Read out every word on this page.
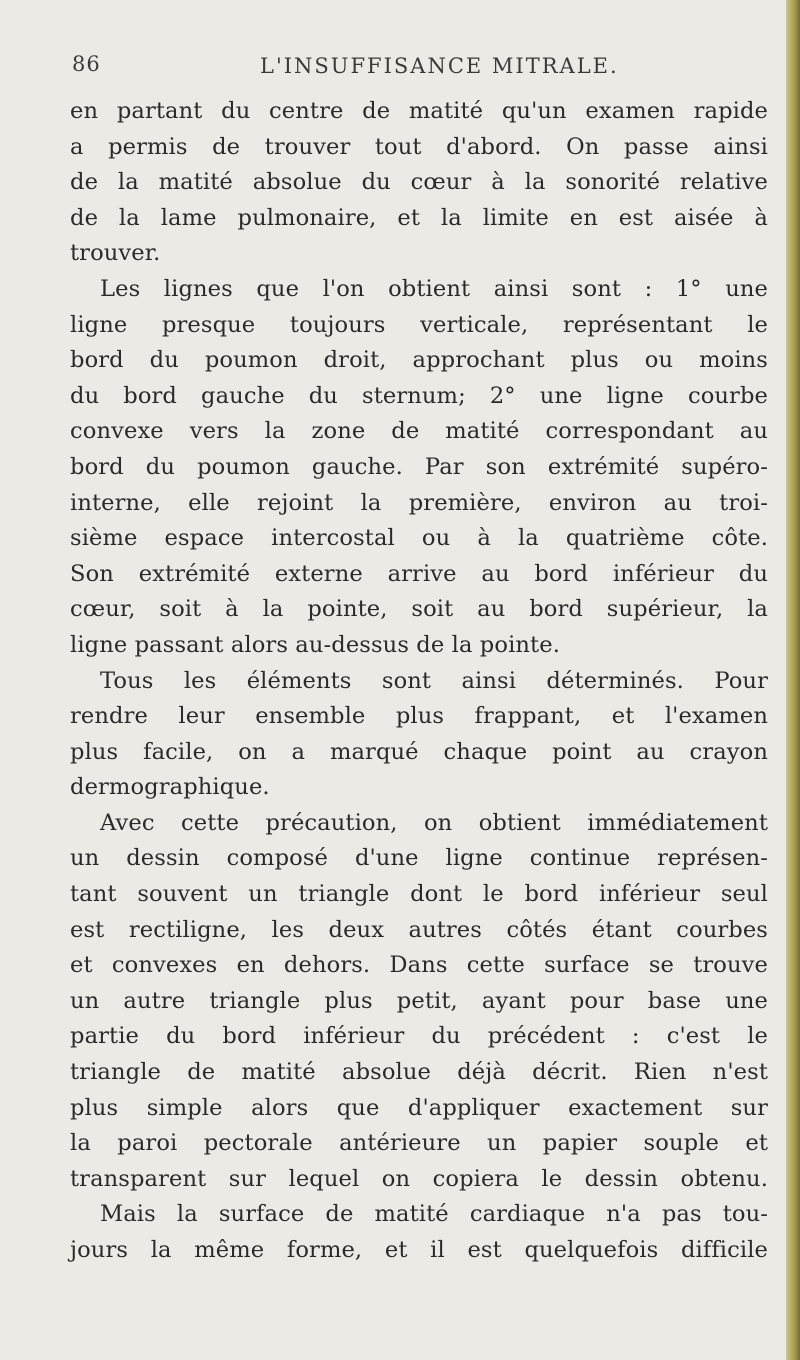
86	L'INSUFFISANCE MITRALE.
en partant du centre de matité qu'un examen rapide
a permis de trouver tout d'abord. On passe ainsi
de la matité absolue du cœur à la sonorité relative
de la lame pulmonaire, et la limite en est aisée à
trouver.
Les lignes que l'on obtient ainsi sont : 1° une
ligne presque toujours verticale, représentant le
bord du poumon droit, approchant plus ou moins
du bord gauche du sternum; 2° une ligne courbe
convexe vers la zone de matité correspondant au
bord du poumon gauche. Par son extrémité supéro-
interne, elle rejoint la première, environ au troi-
sième espace intercostal ou à la quatrième côte.
Son extrémité externe arrive au bord inférieur du
cœur, soit à la pointe, soit au bord supérieur, la
ligne passant alors au-dessus de la pointe.
Tous les éléments sont ainsi déterminés. Pour
rendre leur ensemble plus frappant, et l'examen
plus facile, on a marqué chaque point au crayon
dermographique.
Avec cette précaution, on obtient immédiatement
un dessin composé d'une ligne continue représen-
tant souvent un triangle dont le bord inférieur seul
est rectiligne, les deux autres côtés étant courbes
et convexes en dehors. Dans cette surface se trouve
un autre triangle plus petit, ayant pour base une
partie du bord inférieur du précédent : c'est le
triangle de matité absolue déjà décrit. Rien n'est
plus simple alors que d'appliquer exactement sur
la paroi pectorale antérieure un papier souple et
transparent sur lequel on copiera le dessin obtenu.
Mais la surface de matité cardiaque n'a pas tou-
jours la même forme, et il est quelquefois difficile
